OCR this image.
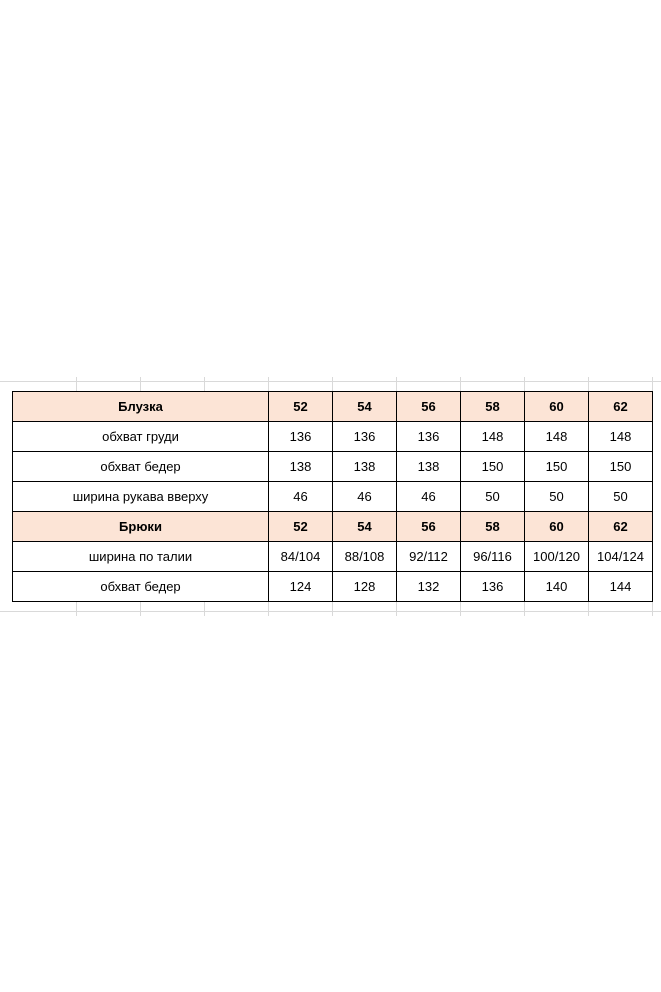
Блузка	52	54	56	58	60	62
обхват груди	136	136	136	148	148	148
обхват бедер	138	138	138	150	150	150
ширина рукава вверху	46	46	46	50	50	50
Брюки	52	54	56	58	60	62
ширина по талии	84/104	88/108	92/112	96/116	100/120	104/124
обхват бедер	124	128	132	136	140	144
